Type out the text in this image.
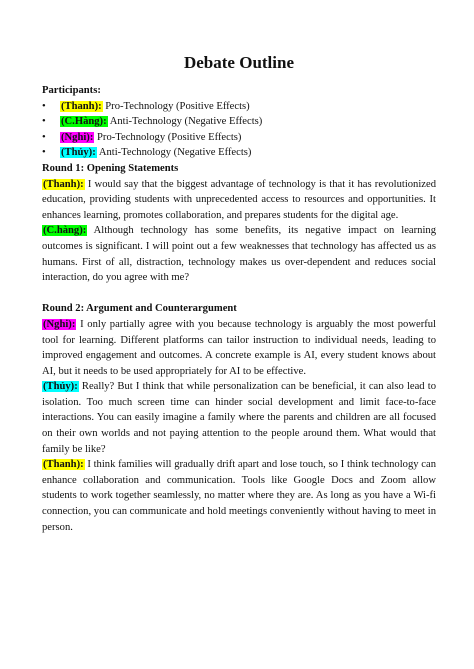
Debate Outline
Participants:
•	(Thanh): Pro-Technology (Positive Effects)
•	(C.Hàng): Anti-Technology (Negative Effects)
•	(Nghi): Pro-Technology (Positive Effects)
•	(Thủy): Anti-Technology (Negative Effects)
Round 1: Opening Statements

(Thanh): I would say that the biggest advantage of technology is that it has revolutionized education, providing students with unprecedented access to resources and opportunities. It enhances learning, promotes collaboration, and prepares students for the digital age.

(C.hàng): Although technology has some benefits, its negative impact on learning outcomes is significant. I will point out a few weaknesses that technology has affected us as humans. First of all, distraction, technology makes us over-dependent and reduces social interaction, do you agree with me?

Round 2: Argument and Counterargument

(Nghi): I only partially agree with you because technology is arguably the most powerful tool for learning. Different platforms can tailor instruction to individual needs, leading to improved engagement and outcomes. A concrete example is AI, every student knows about AI, but it needs to be used appropriately for AI to be effective.

(Thủy): Really? But I think that while personalization can be beneficial, it can also lead to isolation. Too much screen time can hinder social development and limit face-to-face interactions. You can easily imagine a family where the parents and children are all focused on their own worlds and not paying attention to the people around them. What would that family be like?

(Thanh): I think families will gradually drift apart and lose touch, so I think technology can enhance collaboration and communication. Tools like Google Docs and Zoom allow students to work together seamlessly, no matter where they are. As long as you have a Wi-fi connection, you can communicate and hold meetings conveniently without having to meet in person.
